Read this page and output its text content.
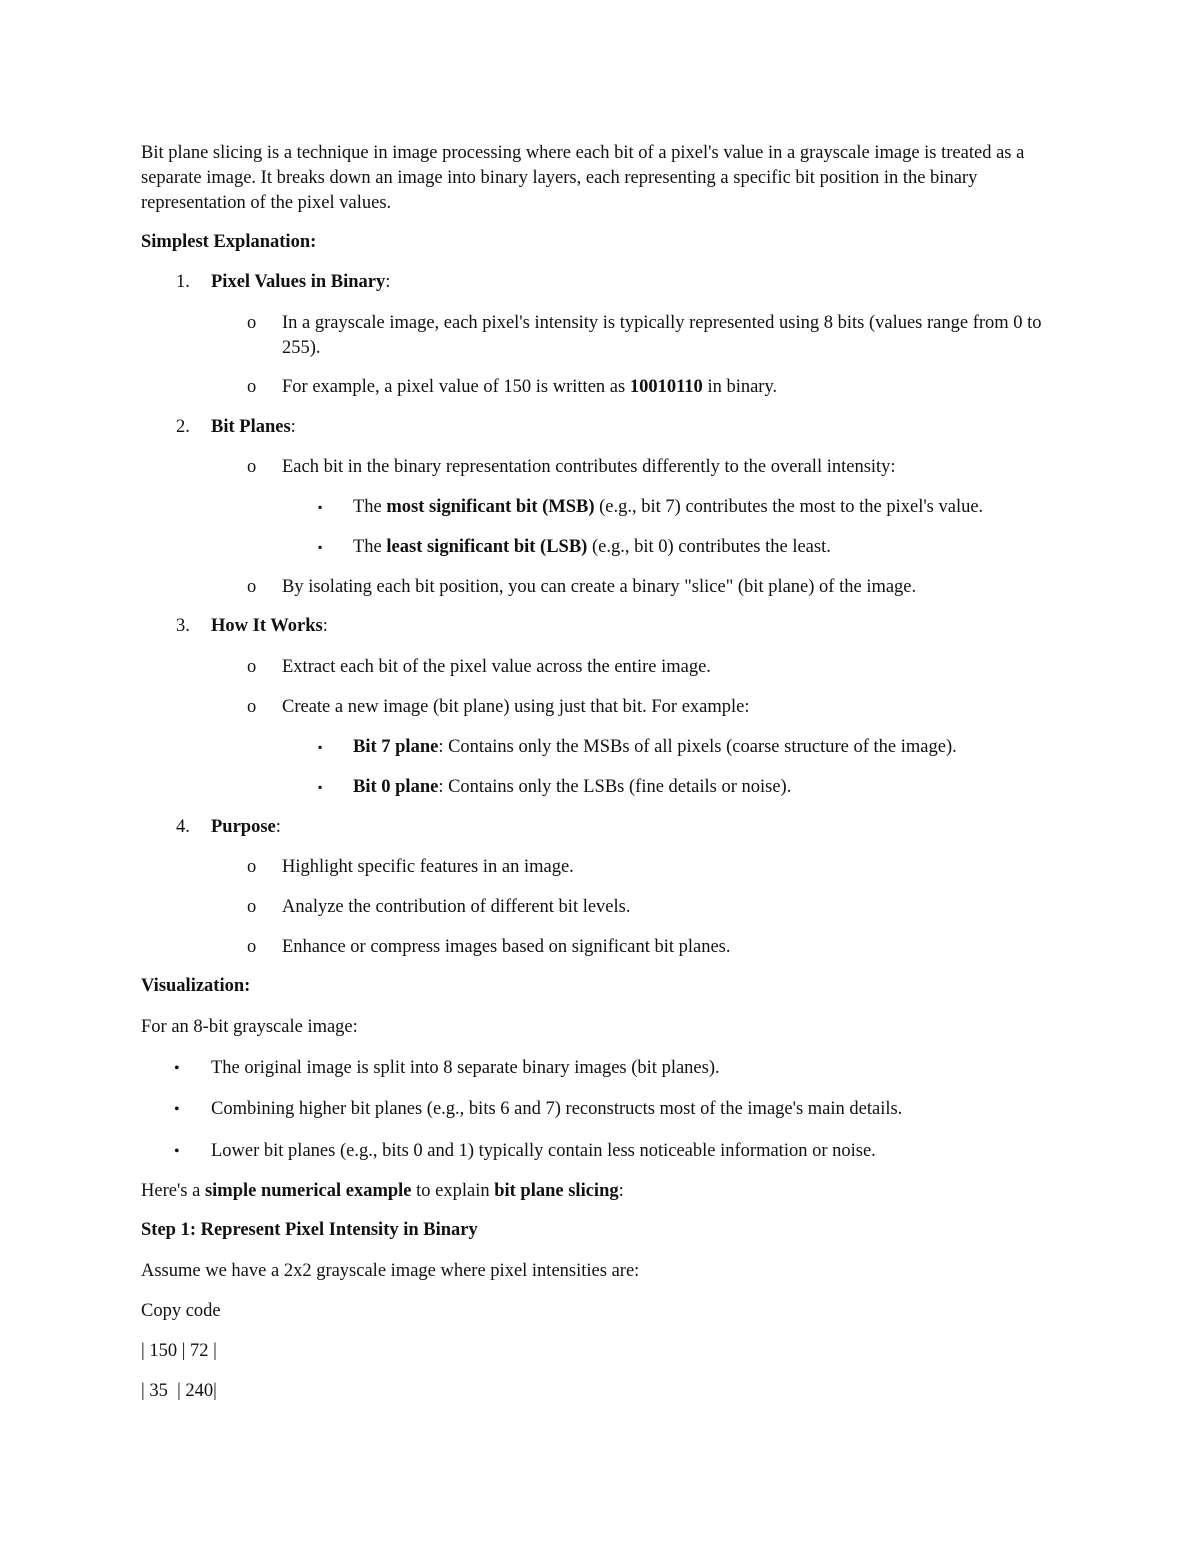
Bit plane slicing is a technique in image processing where each bit of a pixel's value in a grayscale image is treated as a separate image. It breaks down an image into binary layers, each representing a specific bit position in the binary representation of the pixel values.
Simplest Explanation:
1. Pixel Values in Binary:
o In a grayscale image, each pixel's intensity is typically represented using 8 bits (values range from 0 to 255).
o For example, a pixel value of 150 is written as 10010110 in binary.
2. Bit Planes:
o Each bit in the binary representation contributes differently to the overall intensity:
▪ The most significant bit (MSB) (e.g., bit 7) contributes the most to the pixel's value.
▪ The least significant bit (LSB) (e.g., bit 0) contributes the least.
o By isolating each bit position, you can create a binary "slice" (bit plane) of the image.
3. How It Works:
o Extract each bit of the pixel value across the entire image.
o Create a new image (bit plane) using just that bit. For example:
▪ Bit 7 plane: Contains only the MSBs of all pixels (coarse structure of the image).
▪ Bit 0 plane: Contains only the LSBs (fine details or noise).
4. Purpose:
o Highlight specific features in an image.
o Analyze the contribution of different bit levels.
o Enhance or compress images based on significant bit planes.
Visualization:
For an 8-bit grayscale image:
• The original image is split into 8 separate binary images (bit planes).
• Combining higher bit planes (e.g., bits 6 and 7) reconstructs most of the image's main details.
• Lower bit planes (e.g., bits 0 and 1) typically contain less noticeable information or noise.
Here's a simple numerical example to explain bit plane slicing:
Step 1: Represent Pixel Intensity in Binary
Assume we have a 2x2 grayscale image where pixel intensities are:
Copy code
| 150 | 72 |
| 35  | 240|
